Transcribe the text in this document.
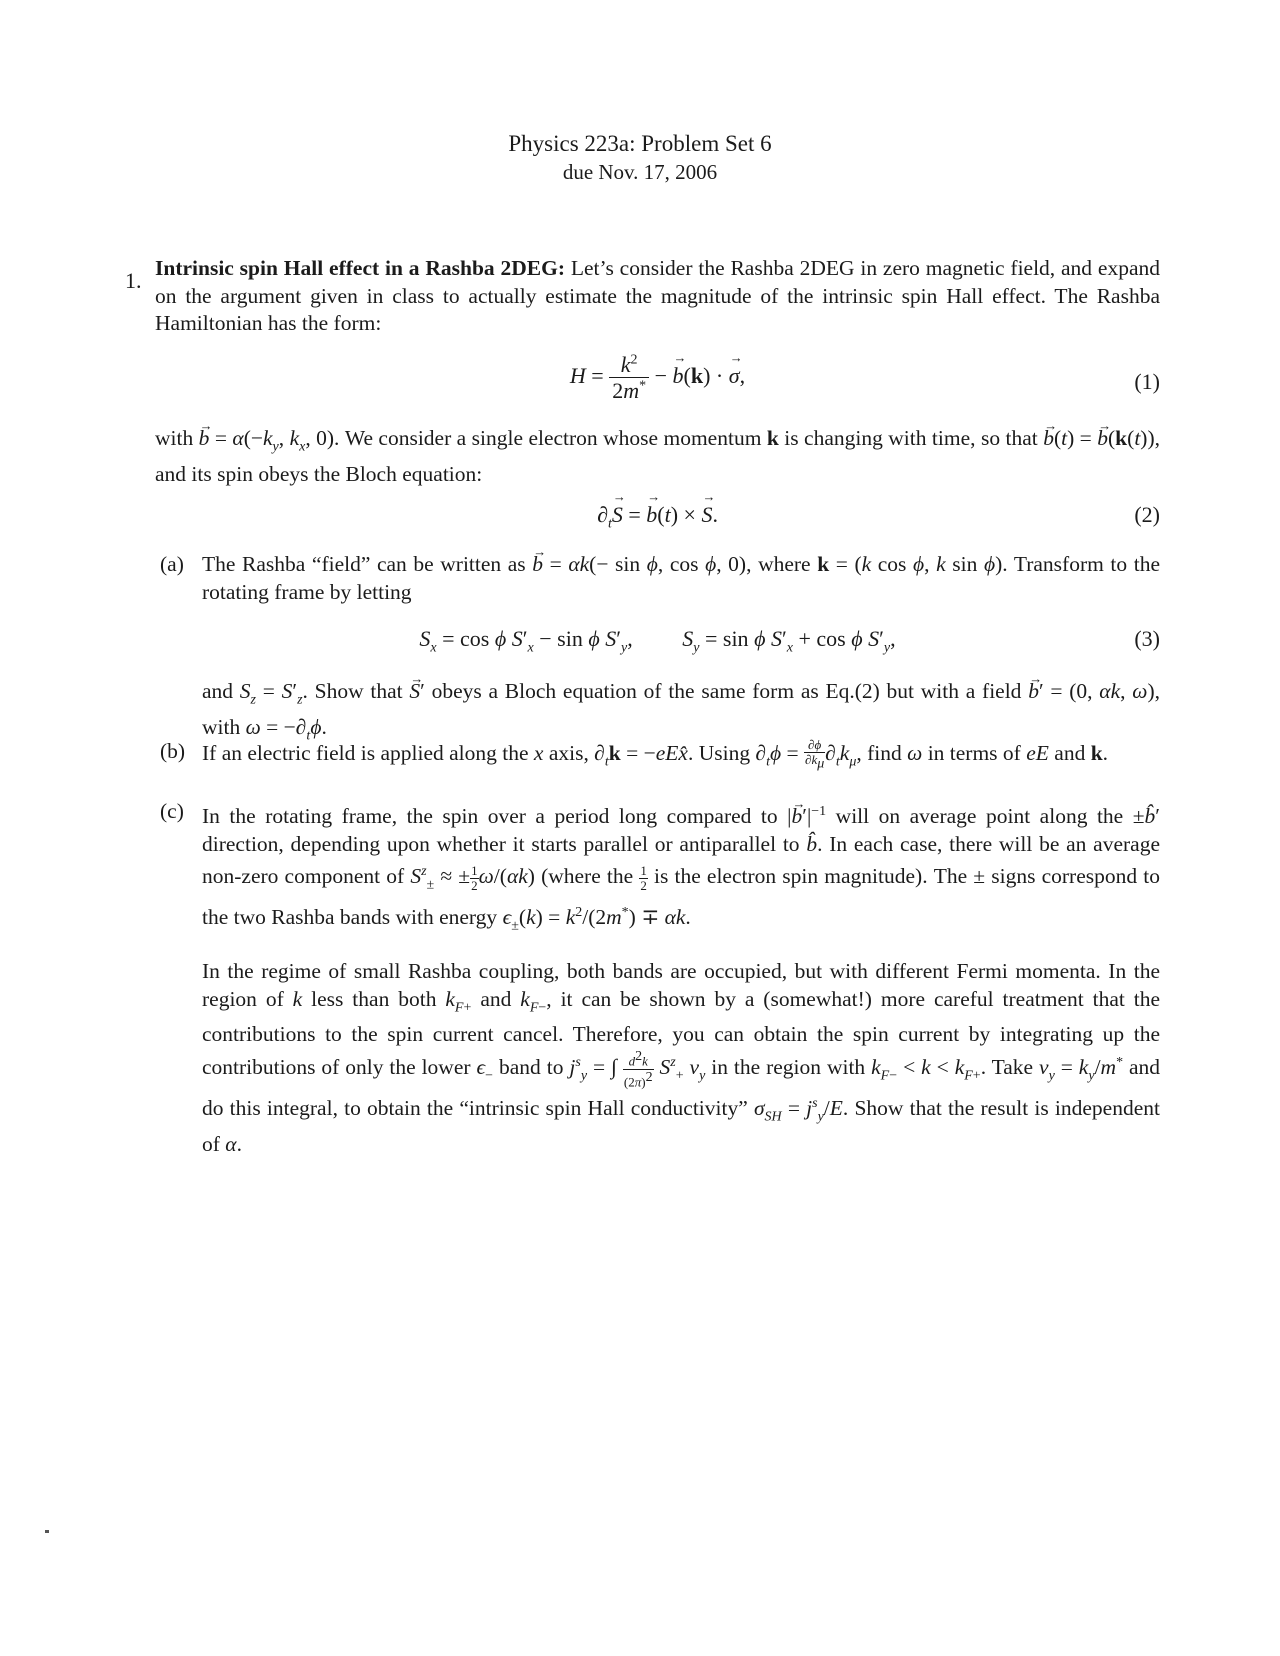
Physics 223a: Problem Set 6
due Nov. 17, 2006
1. Intrinsic spin Hall effect in a Rashba 2DEG: Let’s consider the Rashba 2DEG in zero magnetic field, and expand on the argument given in class to actually estimate the magnitude of the intrinsic spin Hall effect. The Rashba Hamiltonian has the form:
$H = \frac{k^2}{2m^*}$ − → b(k) · → σ,	(1)
with → $b = \alpha(-k_y$, $k_x$, 0). We consider a single electron whose momentum k is changing with time, so that → b(t) = → b(k(t)), and its spin obeys the Bloch equation:
$\partial_t\to S$ = → b(t) × → S.	(2)
(a) The Rashba “field” can be written as → b = αk(− sin ϕ, cos ϕ, 0), where k = (k cos ϕ, k sin ϕ). Transform to the rotating frame by letting
$S_x = \cos \phi$ $S'_x - \sin \phi$ $S'_y$,         $S_y = \sin \phi$ $S'_x + \cos \phi$ $S'_y$,	(3)
and $S_z = S'_z$. Show that → S′ obeys a Bloch equation of the same form as Eq.(2) but with a field → b′ = (0, αk, ω), with $\omega = -\partial_t\phi$.
(b) If an electric field is applied along the x axis, $\partial_tk$ = −eEx̂. Using $\partial_t\phi = \frac{\partial\phi}{\partial k_\mu} \partial_tk_\mu$, find ω in terms of eE and k.
(c) In the rotating frame, the spin over a period long compared to |→ $b'|^{-1}$ will on average point along the ±b̂′ direction, depending upon whether it starts parallel or antiparallel to b̂. In each case, there will be an average non-zero component of $S^z_\pm$ ≈ ± $\frac{1}{2} \omega/(\alpha k)$ (where the $\frac{1}{2}$ is the electron spin magnitude). The ± signs correspond to the two Rashba bands with energy $\epsilon_\pm(k) = k^2/(2m^*) \mp \alpha k$.
In the regime of small Rashba coupling, both bands are occupied, but with different Fermi momenta. In the region of k less than both $k_{F+}$ and $k_{F-}$, it can be shown by a (somewhat!) more careful treatment that the contributions to the spin current cancel. Therefore, you can obtain the spin current by integrating up the contributions of only the lower $\epsilon_-$ band to $j^s_y$ = ∫ $\frac{d^2k}{(2\pi)^2} S^z_+$ $v_y$ in the region with $k_{F-} < k < k_{F+}$. Take $v_y = k_y/m^*$ and do this integral, to obtain the “intrinsic spin Hall conductivity” $\sigma_{SH} = j^s_y/E$. Show that the result is independent of α.
